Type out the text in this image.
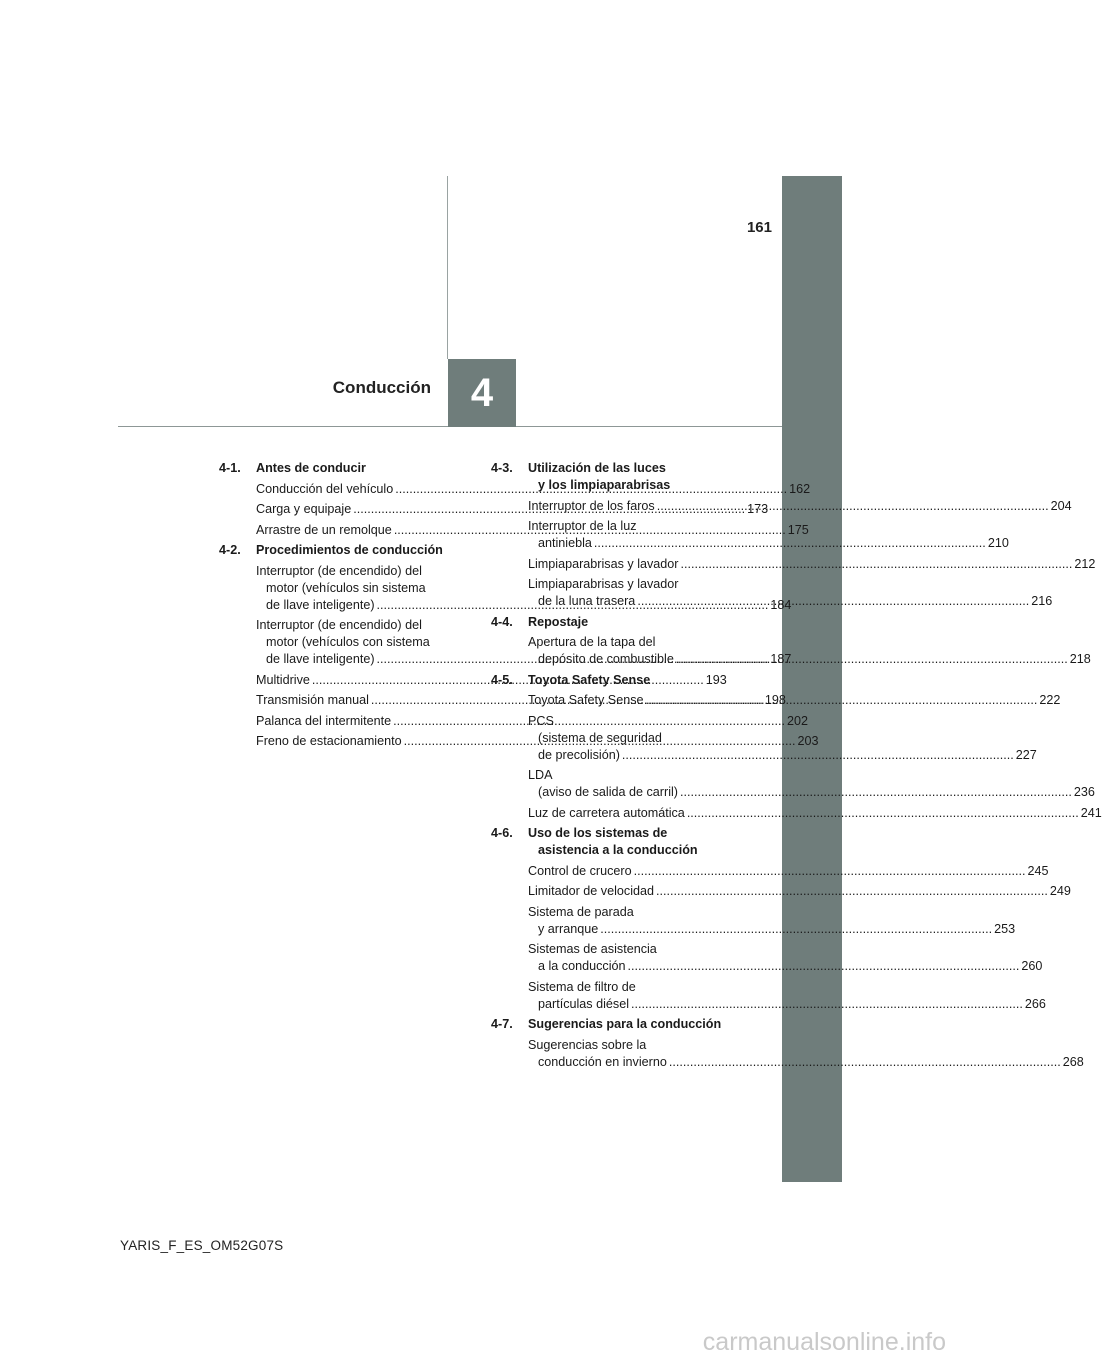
161
Conducción 4
4-1.	Antes de conducir
Conducción del vehículo .....	162
Carga y equipaje .....	173
Arrastre de un remolque .....	175
4-2.	Procedimientos de conducción
Interruptor (de encendido) del
motor (vehículos sin sistema
de llave inteligente) .....	184
Interruptor (de encendido) del
motor (vehículos con sistema
de llave inteligente) .....	187
Multidrive .....	193
Transmisión manual .....	198
Palanca del intermitente .....	202
Freno de estacionamiento .....	203
4-3.	Utilización de las luces
y los limpiaparabrisas
Interruptor de los faros .....	204
Interruptor de la luz
antiniebla .....	210
Limpiaparabrisas y lavador .....	212
Limpiaparabrisas y lavador
de la luna trasera .....	216
4-4.	Repostaje
Apertura de la tapa del
depósito de combustible .....	218
4-5.	Toyota Safety Sense
Toyota Safety Sense .....	222
PCS
(sistema de seguridad
de precolisión) .....	227
LDA
(aviso de salida de carril) .....	236
Luz de carretera automática .....	241
4-6.	Uso de los sistemas de
asistencia a la conducción
Control de crucero .....	245
Limitador de velocidad .....	249
Sistema de parada
y arranque .....	253
Sistemas de asistencia
a la conducción .....	260
Sistema de filtro de
partículas diésel .....	266
4-7.	Sugerencias para la conducción
Sugerencias sobre la
conducción en invierno .....	268
YARIS_F_ES_OM52G07S
carmanualsonline.info
